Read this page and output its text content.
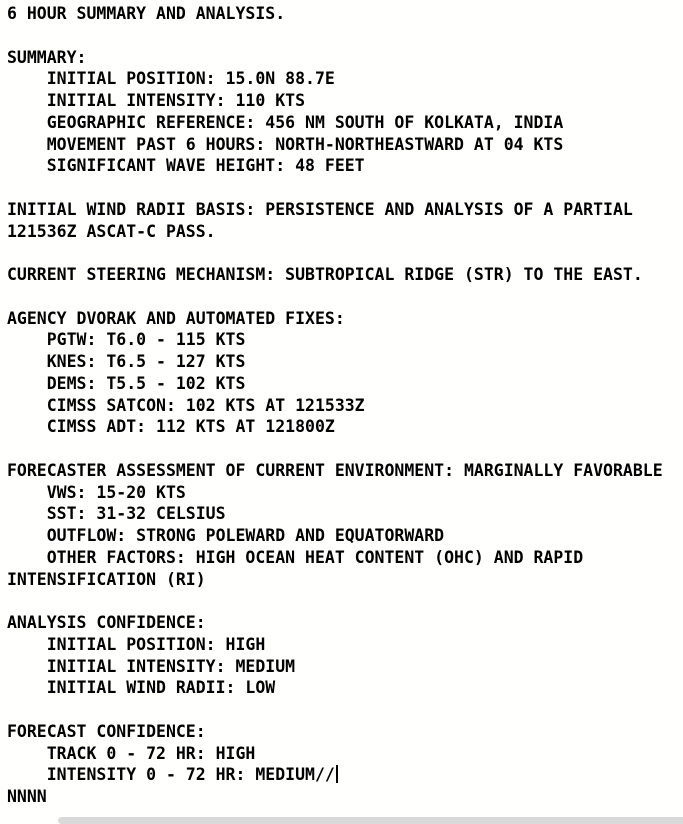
6 HOUR SUMMARY AND ANALYSIS.
SUMMARY:
INITIAL POSITION: 15.0N 88.7E
INITIAL INTENSITY: 110 KTS
GEOGRAPHIC REFERENCE: 456 NM SOUTH OF KOLKATA, INDIA
MOVEMENT PAST 6 HOURS: NORTH-NORTHEASTWARD AT 04 KTS
SIGNIFICANT WAVE HEIGHT: 48 FEET
INITIAL WIND RADII BASIS: PERSISTENCE AND ANALYSIS OF A PARTIAL
121536Z ASCAT-C PASS.
CURRENT STEERING MECHANISM: SUBTROPICAL RIDGE (STR) TO THE EAST.
AGENCY DVORAK AND AUTOMATED FIXES:
PGTW: T6.0 - 115 KTS
KNES: T6.5 - 127 KTS
DEMS: T5.5 - 102 KTS
CIMSS SATCON: 102 KTS AT 121533Z
CIMSS ADT: 112 KTS AT 121800Z
FORECASTER ASSESSMENT OF CURRENT ENVIRONMENT: MARGINALLY FAVORABLE
VWS: 15-20 KTS
SST: 31-32 CELSIUS
OUTFLOW: STRONG POLEWARD AND EQUATORWARD
OTHER FACTORS: HIGH OCEAN HEAT CONTENT (OHC) AND RAPID
INTENSIFICATION (RI)
ANALYSIS CONFIDENCE:
INITIAL POSITION: HIGH
INITIAL INTENSITY: MEDIUM
INITIAL WIND RADII: LOW
FORECAST CONFIDENCE:
TRACK 0 - 72 HR: HIGH
INTENSITY 0 - 72 HR: MEDIUM//
NNNN
